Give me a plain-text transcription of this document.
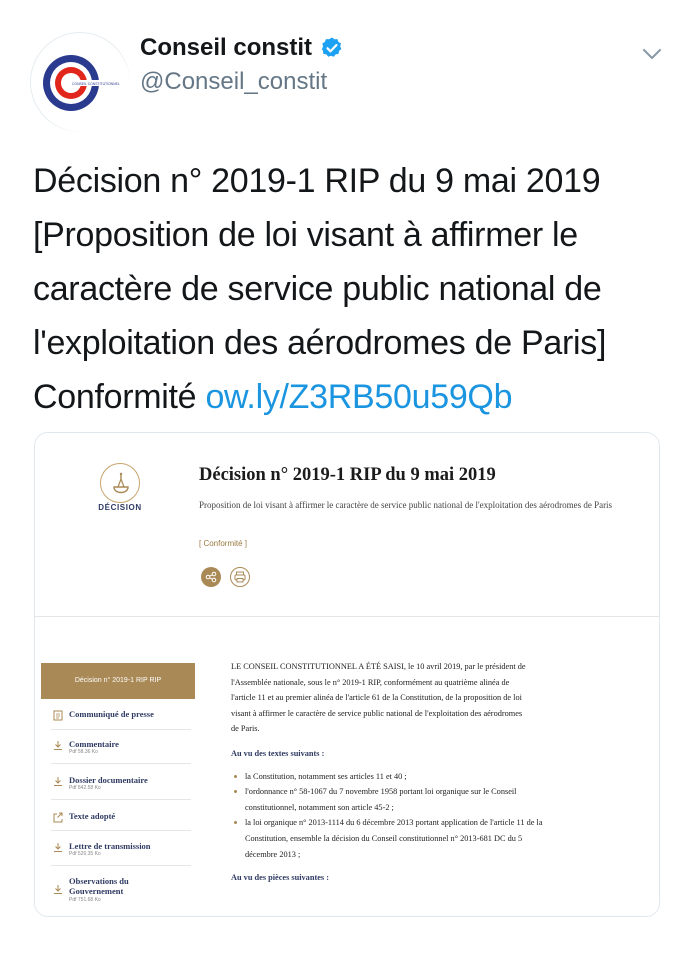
CONSEIL CONSTITUTIONNEL
Conseil constit
@Conseil_constit
Décision n° 2019-1 RIP du 9 mai 2019
[Proposition de loi visant à affirmer le
caractère de service public national de
l'exploitation des aérodromes de Paris]
Conformité ow.ly/Z3RB50u59Qb
DÉCISION
Décision n° 2019-1 RIP du 9 mai 2019
Proposition de loi visant à affirmer le caractère de service public national de l'exploitation des aérodromes de Paris
[ Conformité ]
Décision n° 2019-1 RIP RIP
Communiqué de presse
Commentaire
Pdf 58.36 Ko
Dossier documentaire
Pdf 842.58 Ko
Texte adopté
Lettre de transmission
Pdf 526.35 Ko
Observations du Gouvernement
Pdf 751.68 Ko
LE CONSEIL CONSTITUTIONNEL A ÉTÉ SAISI, le 10 avril 2019, par le président de
l'Assemblée nationale, sous le n° 2019-1 RIP, conformément au quatrième alinéa de
l'article 11 et au premier alinéa de l'article 61 de la Constitution, de la proposition de loi
visant à affirmer le caractère de service public national de l'exploitation des aérodromes
de Paris.
Au vu des textes suivants :
la Constitution, notamment ses articles 11 et 40 ;
l'ordonnance n° 58-1067 du 7 novembre 1958 portant loi organique sur le Conseil
constitutionnel, notamment son article 45-2 ;
la loi organique n° 2013-1114 du 6 décembre 2013 portant application de l'article 11 de la
Constitution, ensemble la décision du Conseil constitutionnel n° 2013-681 DC du 5
décembre 2013 ;
Au vu des pièces suivantes :
